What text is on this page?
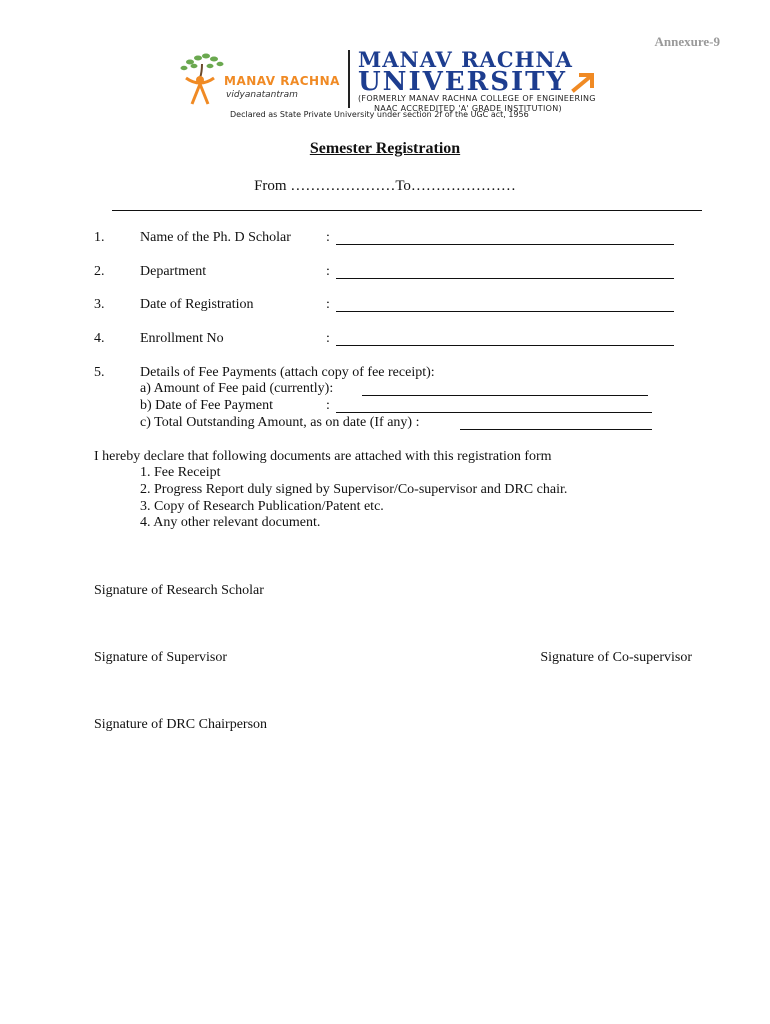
Annexure-9
MANAV RACHNA
vidyanatantram
MANAV RACHNA
UNIVERSITY
(FORMERLY MANAV RACHNA COLLEGE OF ENGINEERING
NAAC ACCREDITED 'A' GRADE INSTITUTION)
Declared as State Private University under section 2f of the UGC act, 1956
Semester Registration
From …………………To…………………
1.	Name of the Ph. D Scholar	:
2.	Department	:
3.	Date of Registration	:
4.	Enrollment No	:
5.	Details of Fee Payments (attach copy of fee receipt):
a) Amount of Fee paid (currently):
b) Date of Fee Payment	:
c) Total Outstanding Amount, as on date (If any) :
I hereby declare that following documents are attached with this registration form
1. Fee Receipt
2. Progress Report duly signed by Supervisor/Co-supervisor and DRC chair.
3. Copy of Research Publication/Patent etc.
4. Any other relevant document.
Signature of Research Scholar
Signature of Supervisor	Signature of Co-supervisor
Signature of DRC Chairperson
